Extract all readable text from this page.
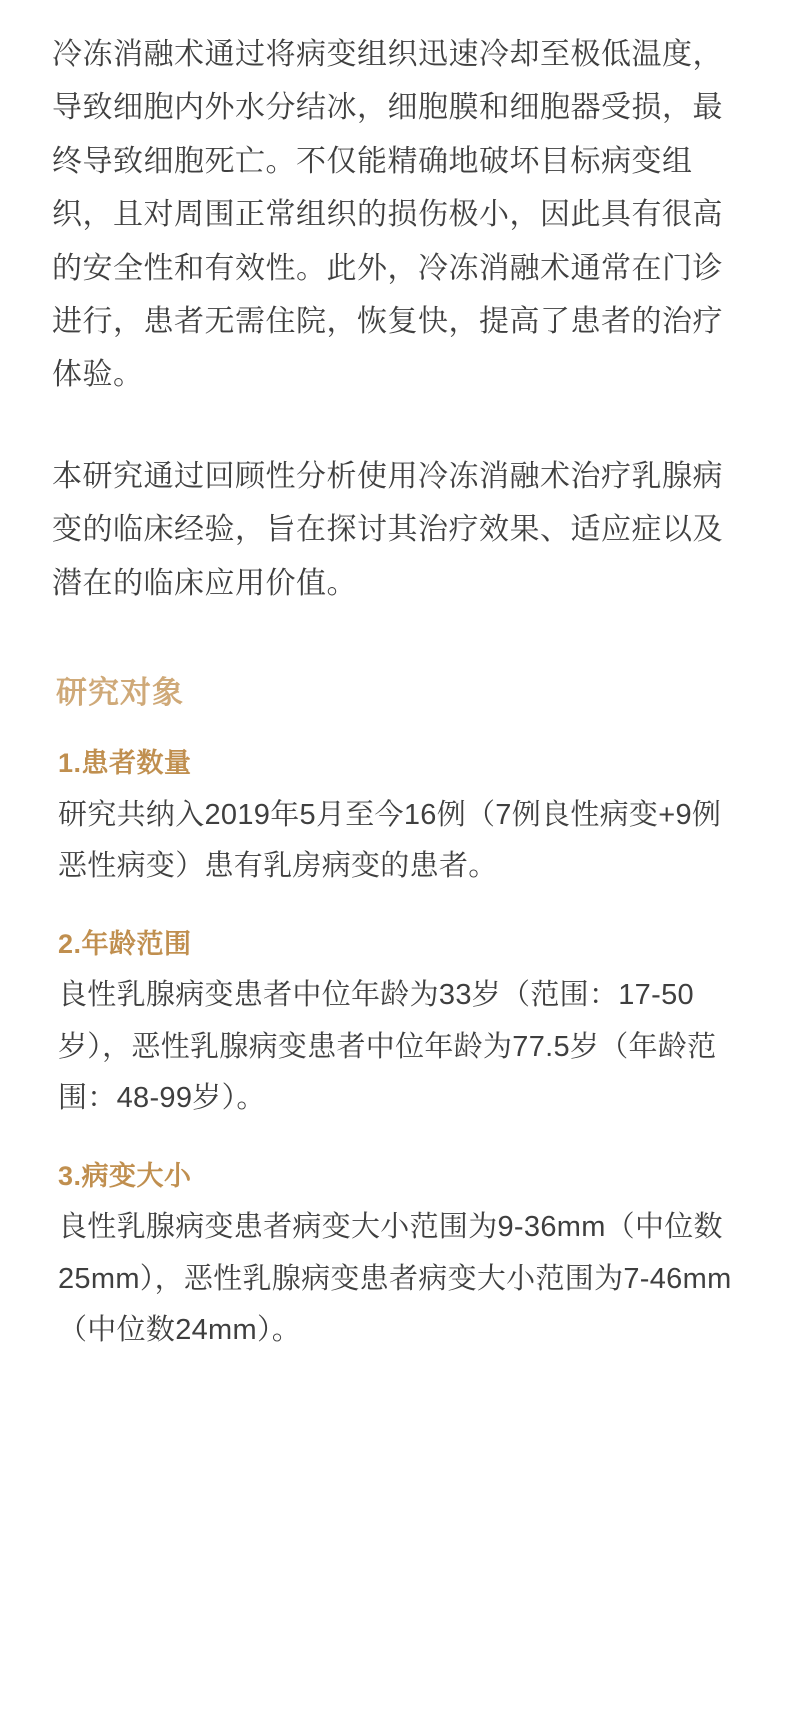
冷冻消融术通过将病变组织迅速冷却至极低温度，导致细胞内外水分结冰，细胞膜和细胞器受损，最终导致细胞死亡。不仅能精确地破坏目标病变组织，且对周围正常组织的损伤极小，因此具有很高的安全性和有效性。此外，冷冻消融术通常在门诊进行，患者无需住院，恢复快，提高了患者的治疗体验。

本研究通过回顾性分析使用冷冻消融术治疗乳腺病变的临床经验，旨在探讨其治疗效果、适应症以及潜在的临床应用价值。

研究对象
1.患者数量

研究共纳入2019年5月至今16例（7例良性病变+9例恶性病变）患有乳房病变的患者。

2.年龄范围

良性乳腺病变患者中位年龄为33岁（范围：17-50岁），恶性乳腺病变患者中位年龄为77.5岁（年龄范围：48-99岁）。

3.病变大小

良性乳腺病变患者病变大小范围为9-36mm（中位数25mm），恶性乳腺病变患者病变大小范围为7-46mm（中位数24mm）。
